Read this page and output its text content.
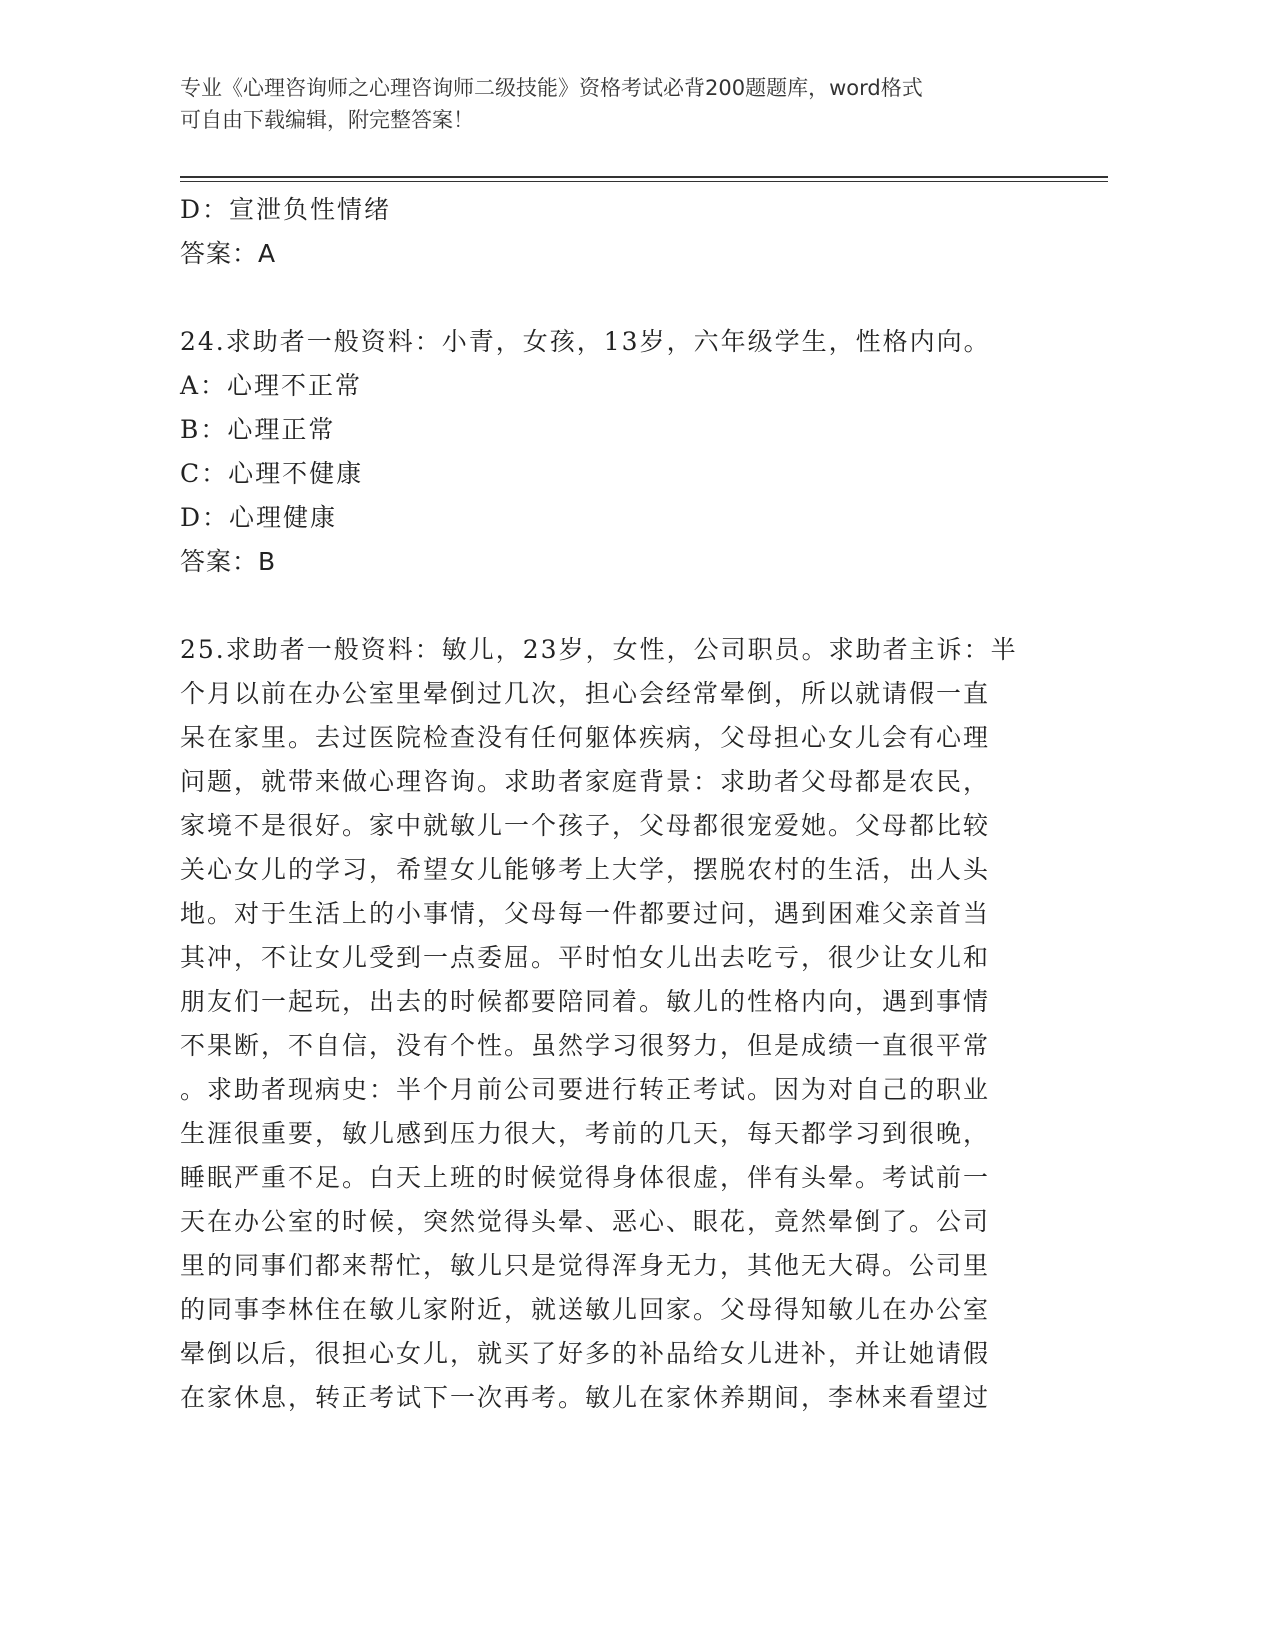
专业《心理咨询师之心理咨询师二级技能》资格考试必背200题题库，word格式
可自由下载编辑，附完整答案！
D：宣泄负性情绪
答案：A
24.求助者一般资料：小青，女孩，13岁，六年级学生，性格内向。
A：心理不正常
B：心理正常
C：心理不健康
D：心理健康
答案：B
25.求助者一般资料：敏儿，23岁，女性，公司职员。求助者主诉：半
个月以前在办公室里晕倒过几次，担心会经常晕倒，所以就请假一直
呆在家里。去过医院检查没有任何躯体疾病，父母担心女儿会有心理
问题，就带来做心理咨询。求助者家庭背景：求助者父母都是农民，
家境不是很好。家中就敏儿一个孩子，父母都很宠爱她。父母都比较
关心女儿的学习，希望女儿能够考上大学，摆脱农村的生活，出人头
地。对于生活上的小事情，父母每一件都要过问，遇到困难父亲首当
其冲，不让女儿受到一点委屈。平时怕女儿出去吃亏，很少让女儿和
朋友们一起玩，出去的时候都要陪同着。敏儿的性格内向，遇到事情
不果断，不自信，没有个性。虽然学习很努力，但是成绩一直很平常
。求助者现病史：半个月前公司要进行转正考试。因为对自己的职业
生涯很重要，敏儿感到压力很大，考前的几天，每天都学习到很晚，
睡眠严重不足。白天上班的时候觉得身体很虚，伴有头晕。考试前一
天在办公室的时候，突然觉得头晕、恶心、眼花，竟然晕倒了。公司
里的同事们都来帮忙，敏儿只是觉得浑身无力，其他无大碍。公司里
的同事李林住在敏儿家附近，就送敏儿回家。父母得知敏儿在办公室
晕倒以后，很担心女儿，就买了好多的补品给女儿进补，并让她请假
在家休息，转正考试下一次再考。敏儿在家休养期间，李林来看望过
